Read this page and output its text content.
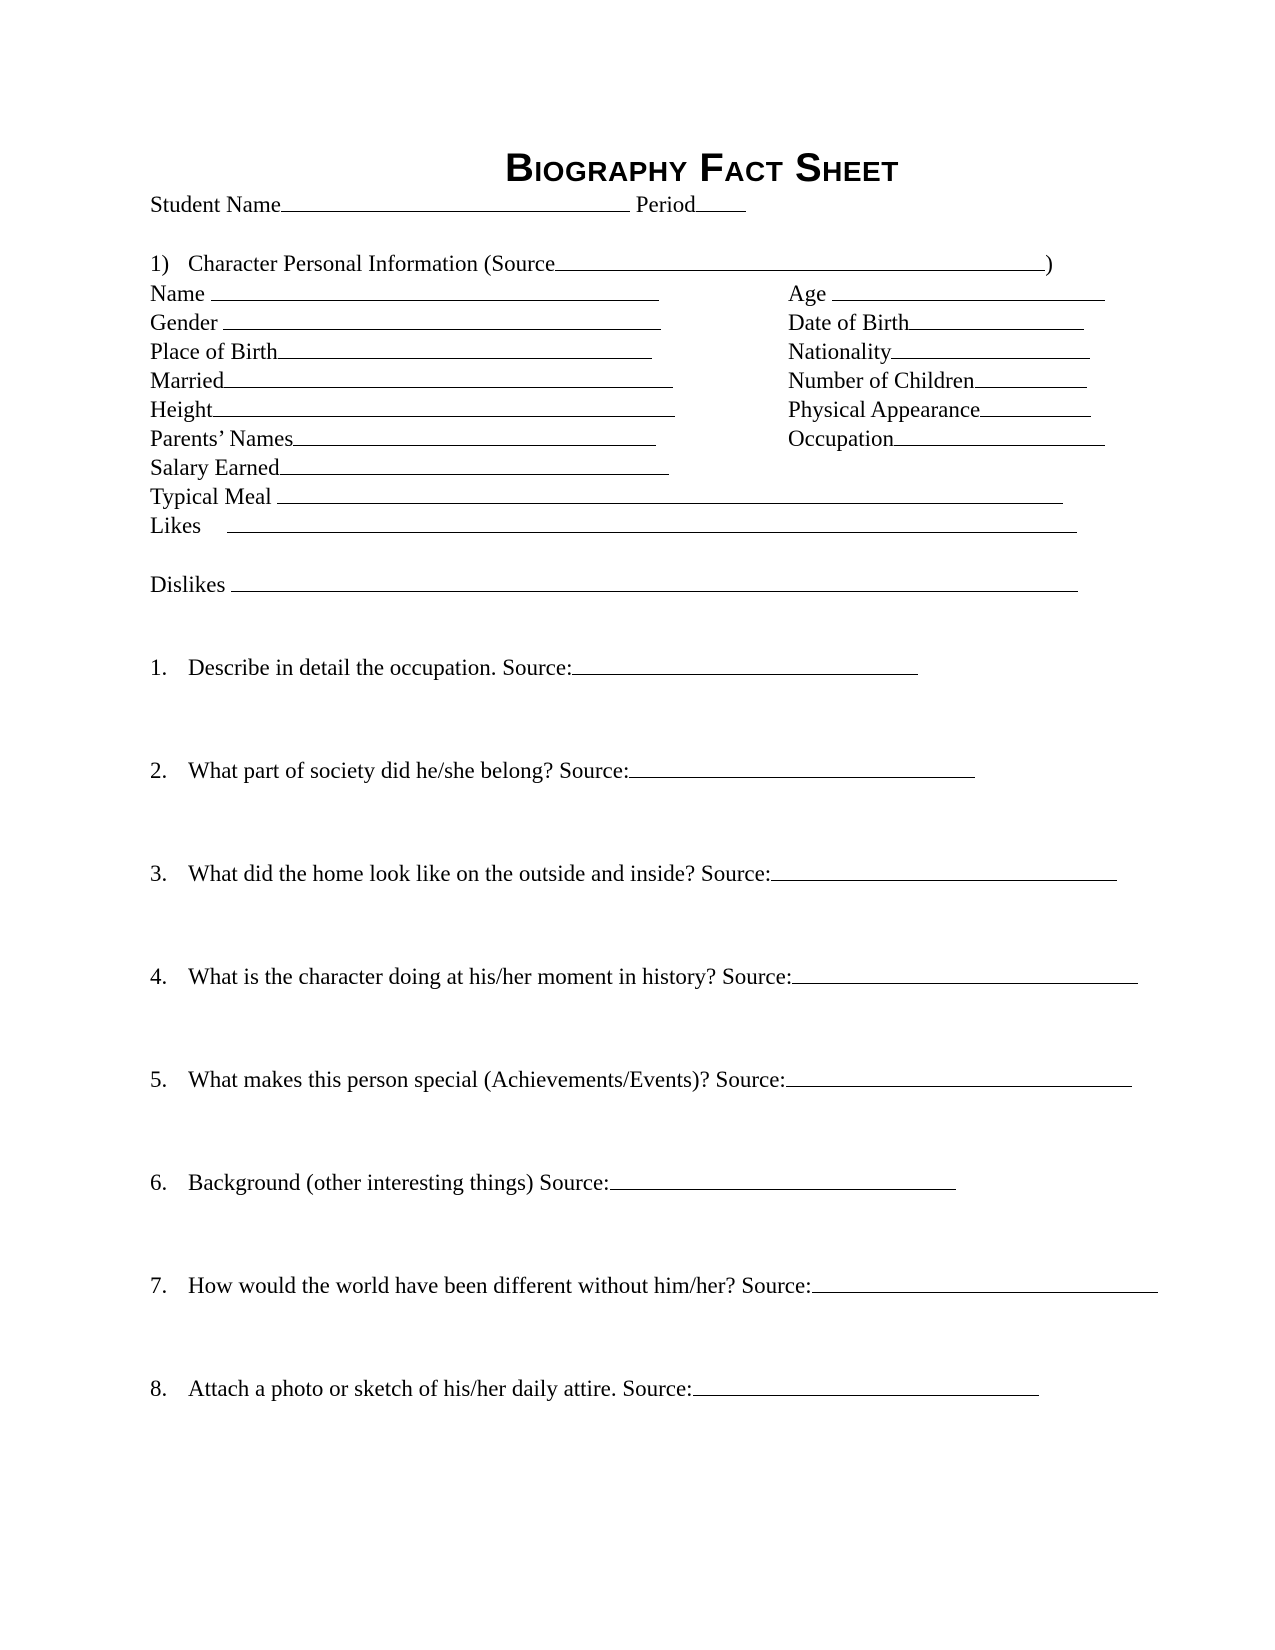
Biography Fact Sheet
Student Name	Period
1) Character Personal Information (Source	)
Name
Gender
Place of Birth
Married
Height
Parents’ Names
Salary Earned
Age
Date of Birth
Nationality
Number of Children
Physical Appearance
Occupation
Typical Meal
Likes
Dislikes
1. Describe in detail the occupation. Source:
2. What part of society did he/she belong? Source:
3. What did the home look like on the outside and inside? Source:
4. What is the character doing at his/her moment in history? Source:
5. What makes this person special (Achievements/Events)? Source:
6. Background (other interesting things) Source:
7. How would the world have been different without him/her? Source:
8. Attach a photo or sketch of his/her daily attire. Source:
